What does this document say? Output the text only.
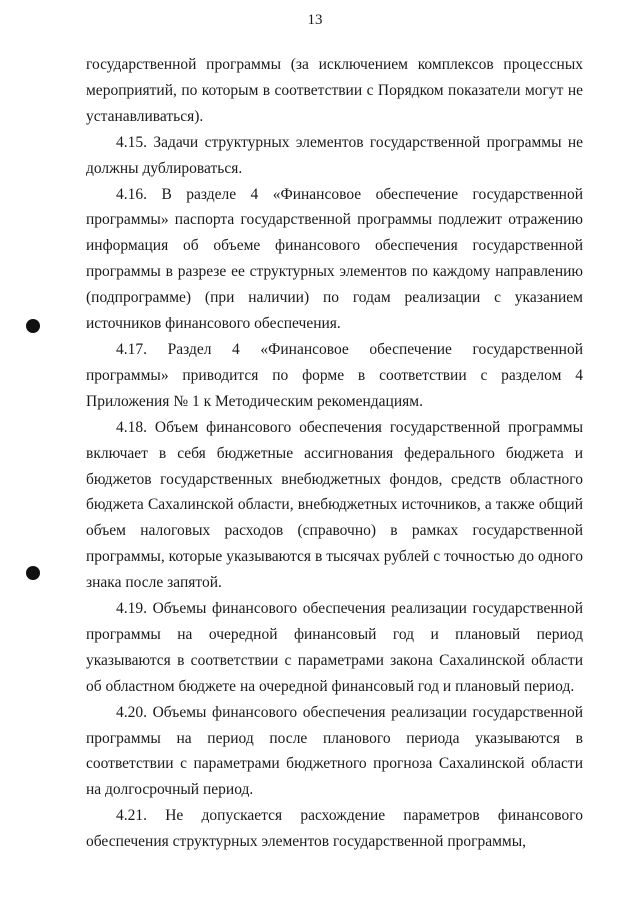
13

государственной программы (за исключением комплексов процессных мероприятий, по которым в соответствии с Порядком показатели могут не устанавливаться).

4.15. Задачи структурных элементов государственной программы не должны дублироваться.

4.16. В разделе 4 «Финансовое обеспечение государственной программы» паспорта государственной программы подлежит отражению информация об объеме финансового обеспечения государственной программы в разрезе ее структурных элементов по каждому направлению (подпрограмме) (при наличии) по годам реализации с указанием источников финансового обеспечения.

4.17. Раздел 4 «Финансовое обеспечение государственной программы» приводится по форме в соответствии с разделом 4 Приложения № 1 к Методическим рекомендациям.

4.18. Объем финансового обеспечения государственной программы включает в себя бюджетные ассигнования федерального бюджета и бюджетов государственных внебюджетных фондов, средств областного бюджета Сахалинской области, внебюджетных источников, а также общий объем налоговых расходов (справочно) в рамках государственной программы, которые указываются в тысячах рублей с точностью до одного знака после запятой.

4.19. Объемы финансового обеспечения реализации государственной программы на очередной финансовый год и плановый период указываются в соответствии с параметрами закона Сахалинской области об областном бюджете на очередной финансовый год и плановый период.

4.20. Объемы финансового обеспечения реализации государственной программы на период после планового периода указываются в соответствии с параметрами бюджетного прогноза Сахалинской области на долгосрочный период.

4.21. Не допускается расхождение параметров финансового обеспечения структурных элементов государственной программы,
